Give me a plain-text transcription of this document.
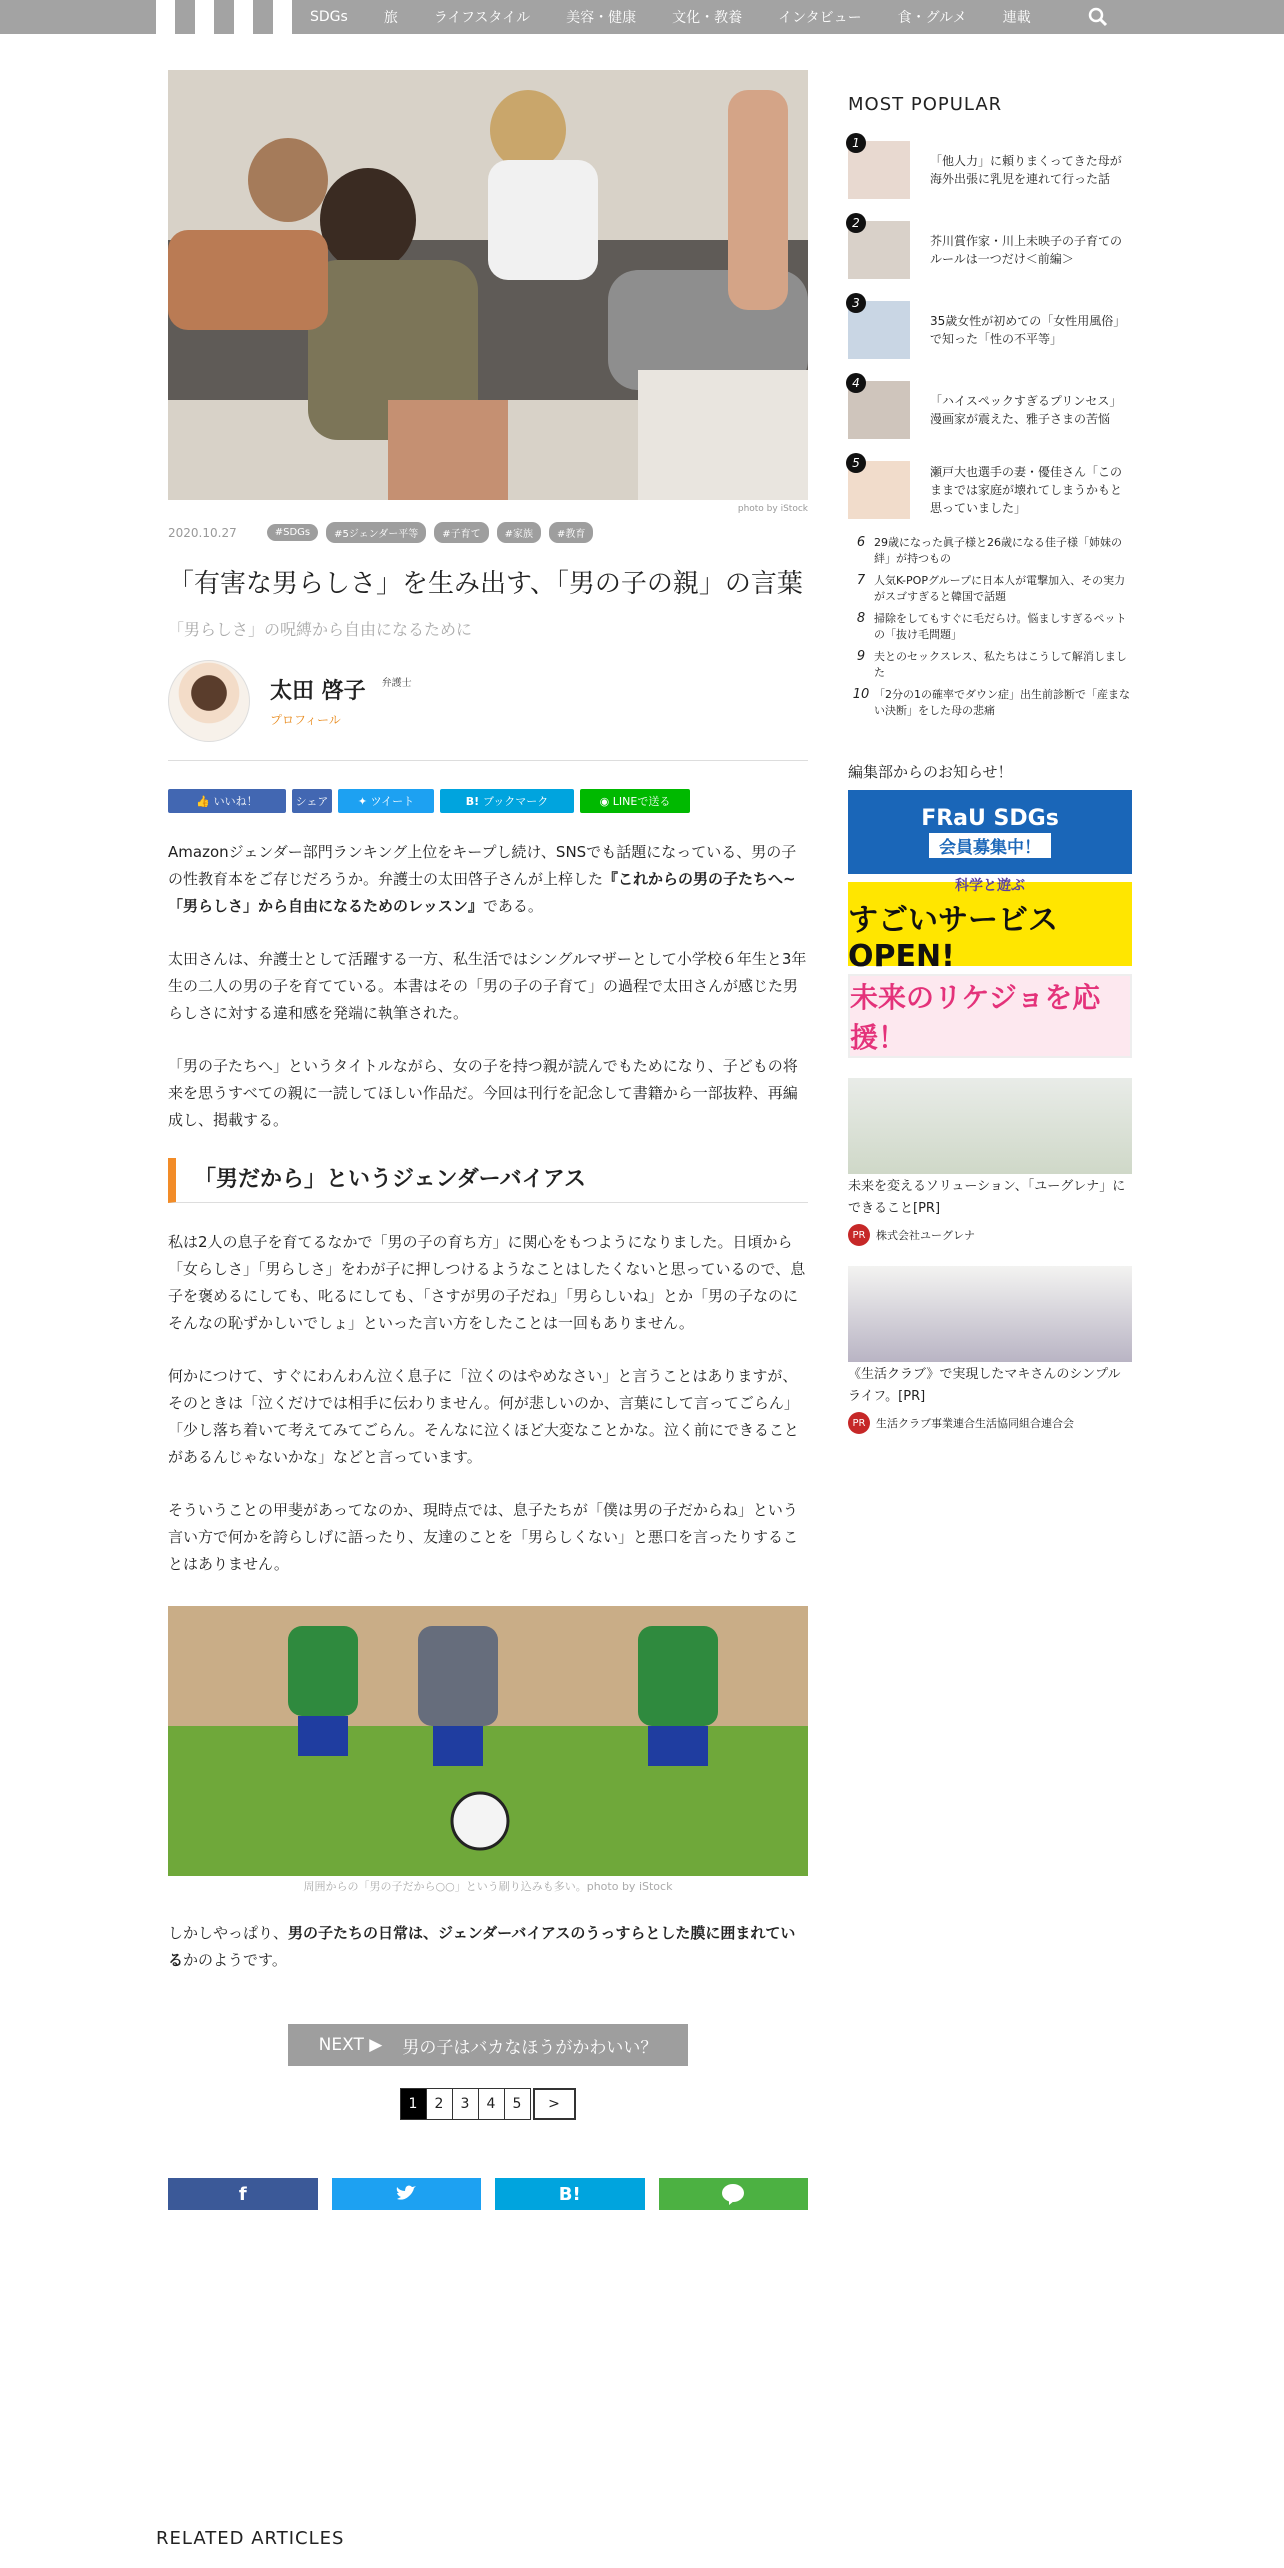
SDGs	旅	ライフスタイル	美容・健康	文化・教養	インタビュー	食・グルメ	連載
photo by iStock
2020.10.27	#SDGs	#5ジェンダー平等	#子育て	#家族	#教育
「有害な男らしさ」を生み出す、「男の子の親」の言葉
「男らしさ」の呪縛から自由になるために
太田 啓子 $^{弁護士}$
プロフィール
👍 いいね！	シェア	✦ ツイート	B! ブックマーク	◉ LINEで送る

Amazonジェンダー部門ランキング上位をキープし続け、SNSでも話題になっている、男の子の性教育本をご存じだろうか。弁護士の太田啓子さんが上梓した『これからの男の子たちへ~「男らしさ」から自由になるためのレッスン』である。

太田さんは、弁護士として活躍する一方、私生活ではシングルマザーとして小学校６年生と3年生の二人の男の子を育てている。本書はその「男の子の子育て」の過程で太田さんが感じた男らしさに対する違和感を発端に執筆された。

「男の子たちへ」というタイトルながら、女の子を持つ親が読んでもためになり、子どもの将来を思うすべての親に一読してほしい作品だ。今回は刊行を記念して書籍から一部抜粋、再編成し、掲載する。

「男だから」というジェンダーバイアス

私は2人の息子を育てるなかで「男の子の育ち方」に関心をもつようになりました。日頃から「女らしさ」「男らしさ」をわが子に押しつけるようなことはしたくないと思っているので、息子を褒めるにしても、叱るにしても、「さすが男の子だね」「男らしいね」とか「男の子なのにそんなの恥ずかしいでしょ」といった言い方をしたことは一回もありません。

何かにつけて、すぐにわんわん泣く息子に「泣くのはやめなさい」と言うことはありますが、そのときは「泣くだけでは相手に伝わりません。何が悲しいのか、言葉にして言ってごらん」「少し落ち着いて考えてみてごらん。そんなに泣くほど大変なことかな。泣く前にできることがあるんじゃないかな」などと言っています。

そういうことの甲斐があってなのか、現時点では、息子たちが「僕は男の子だからね」という言い方で何かを誇らしげに語ったり、友達のことを「男らしくない」と悪口を言ったりすることはありません。

周囲からの「男の子だから○○」という刷り込みも多い。photo by iStock

しかしやっぱり、男の子たちの日常は、ジェンダーバイアスのうっすらとした膜に囲まれているかのようです。

NEXT ▶ 男の子はバカなほうがかわいい？
1	2	3	4	5	>
f	B!
RELATED ARTICLES
MOST POPULAR
1
「他人力」に頼りまくってきた母が海外出張に乳児を連れて行った話
2
芥川賞作家・川上未映子の子育てのルールは一つだけ＜前編＞
3
35歳女性が初めての「女性用風俗」で知った「性の不平等」
4
「ハイスペックすぎるプリンセス」漫画家が震えた、雅子さまの苦悩
5
瀬戸大也選手の妻・優佳さん「このままでは家庭が壊れてしまうかもと思っていました」
6 29歳になった眞子様と26歳になる佳子様「姉妹の絆」が持つもの
7 人気K-POPグループに日本人が電撃加入、その実力がスゴすぎると韓国で話題
8 掃除をしてもすぐに毛だらけ。悩ましすぎるペットの「抜け毛問題」
9 夫とのセックスレス、私たちはこうして解消しました
10 「2分の1の確率でダウン症」出生前診断で「産まない決断」をした母の悲痛
編集部からのお知らせ！
FRaU SDGs
会員募集中！
科学と遊ぶ
すごいサービス OPEN!
未来のリケジョを応援！
未来を変えるソリューション、「ユーグレナ」にできること[PR]
PR 株式会社ユーグレナ
《生活クラブ》で実現したマキさんのシンプルライフ。[PR]
PR 生活クラブ事業連合生活協同組合連合会
